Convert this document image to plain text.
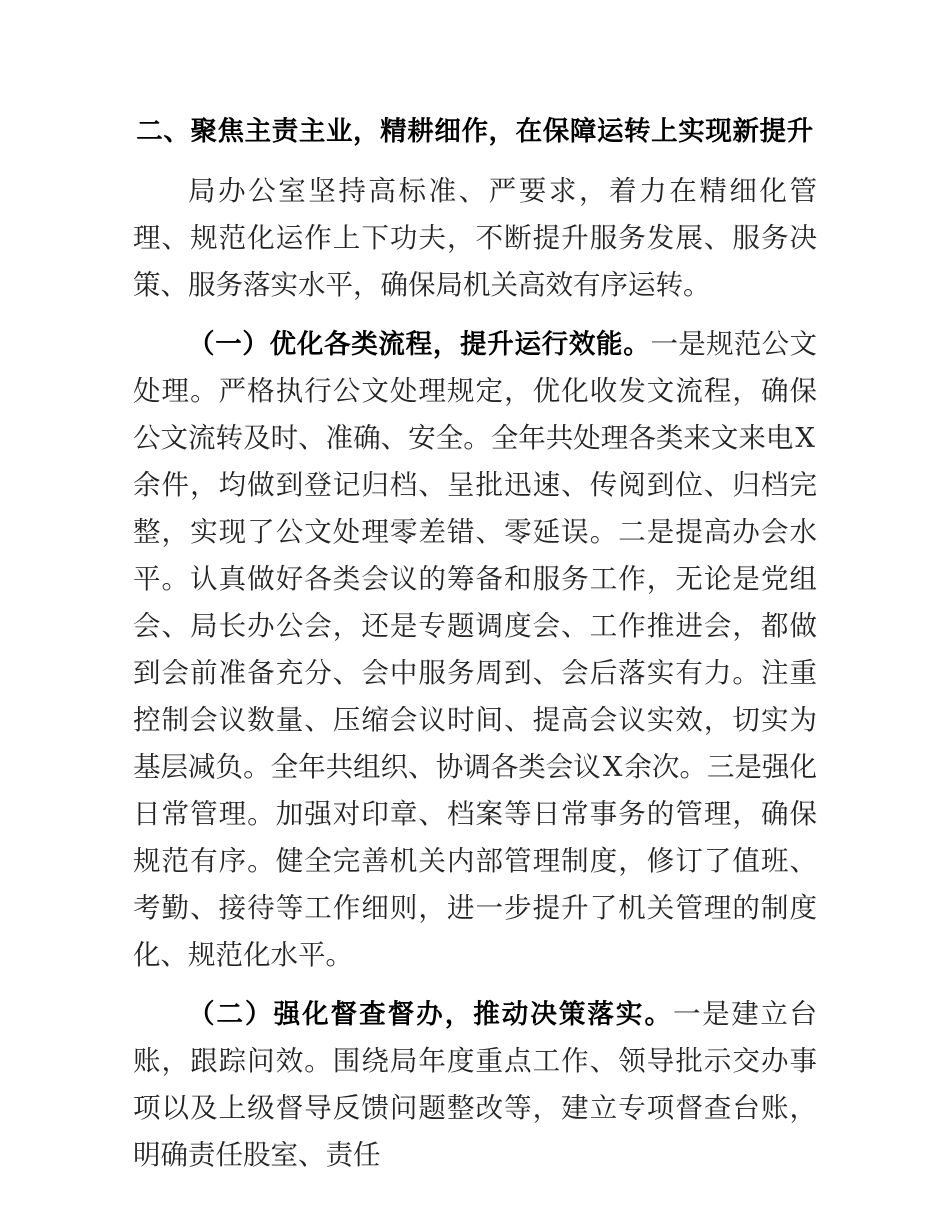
二、聚焦主责主业，精耕细作，在保障运转上实现新提升

局办公室坚持高标准、严要求，着力在精细化管理、规范化运作上下功夫，不断提升服务发展、服务决策、服务落实水平，确保局机关高效有序运转。

（一）优化各类流程，提升运行效能。一是规范公文处理。严格执行公文处理规定，优化收发文流程，确保公文流转及时、准确、安全。全年共处理各类来文来电X余件，均做到登记归档、呈批迅速、传阅到位、归档完整，实现了公文处理零差错、零延误。二是提高办会水平。认真做好各类会议的筹备和服务工作，无论是党组会、局长办公会，还是专题调度会、工作推进会，都做到会前准备充分、会中服务周到、会后落实有力。注重控制会议数量、压缩会议时间、提高会议实效，切实为基层减负。全年共组织、协调各类会议X余次。三是强化日常管理。加强对印章、档案等日常事务的管理，确保规范有序。健全完善机关内部管理制度，修订了值班、考勤、接待等工作细则，进一步提升了机关管理的制度化、规范化水平。

（二）强化督查督办，推动决策落实。一是建立台账，跟踪问效。围绕局年度重点工作、领导批示交办事项以及上级督导反馈问题整改等，建立专项督查台账，明确责任股室、责任
